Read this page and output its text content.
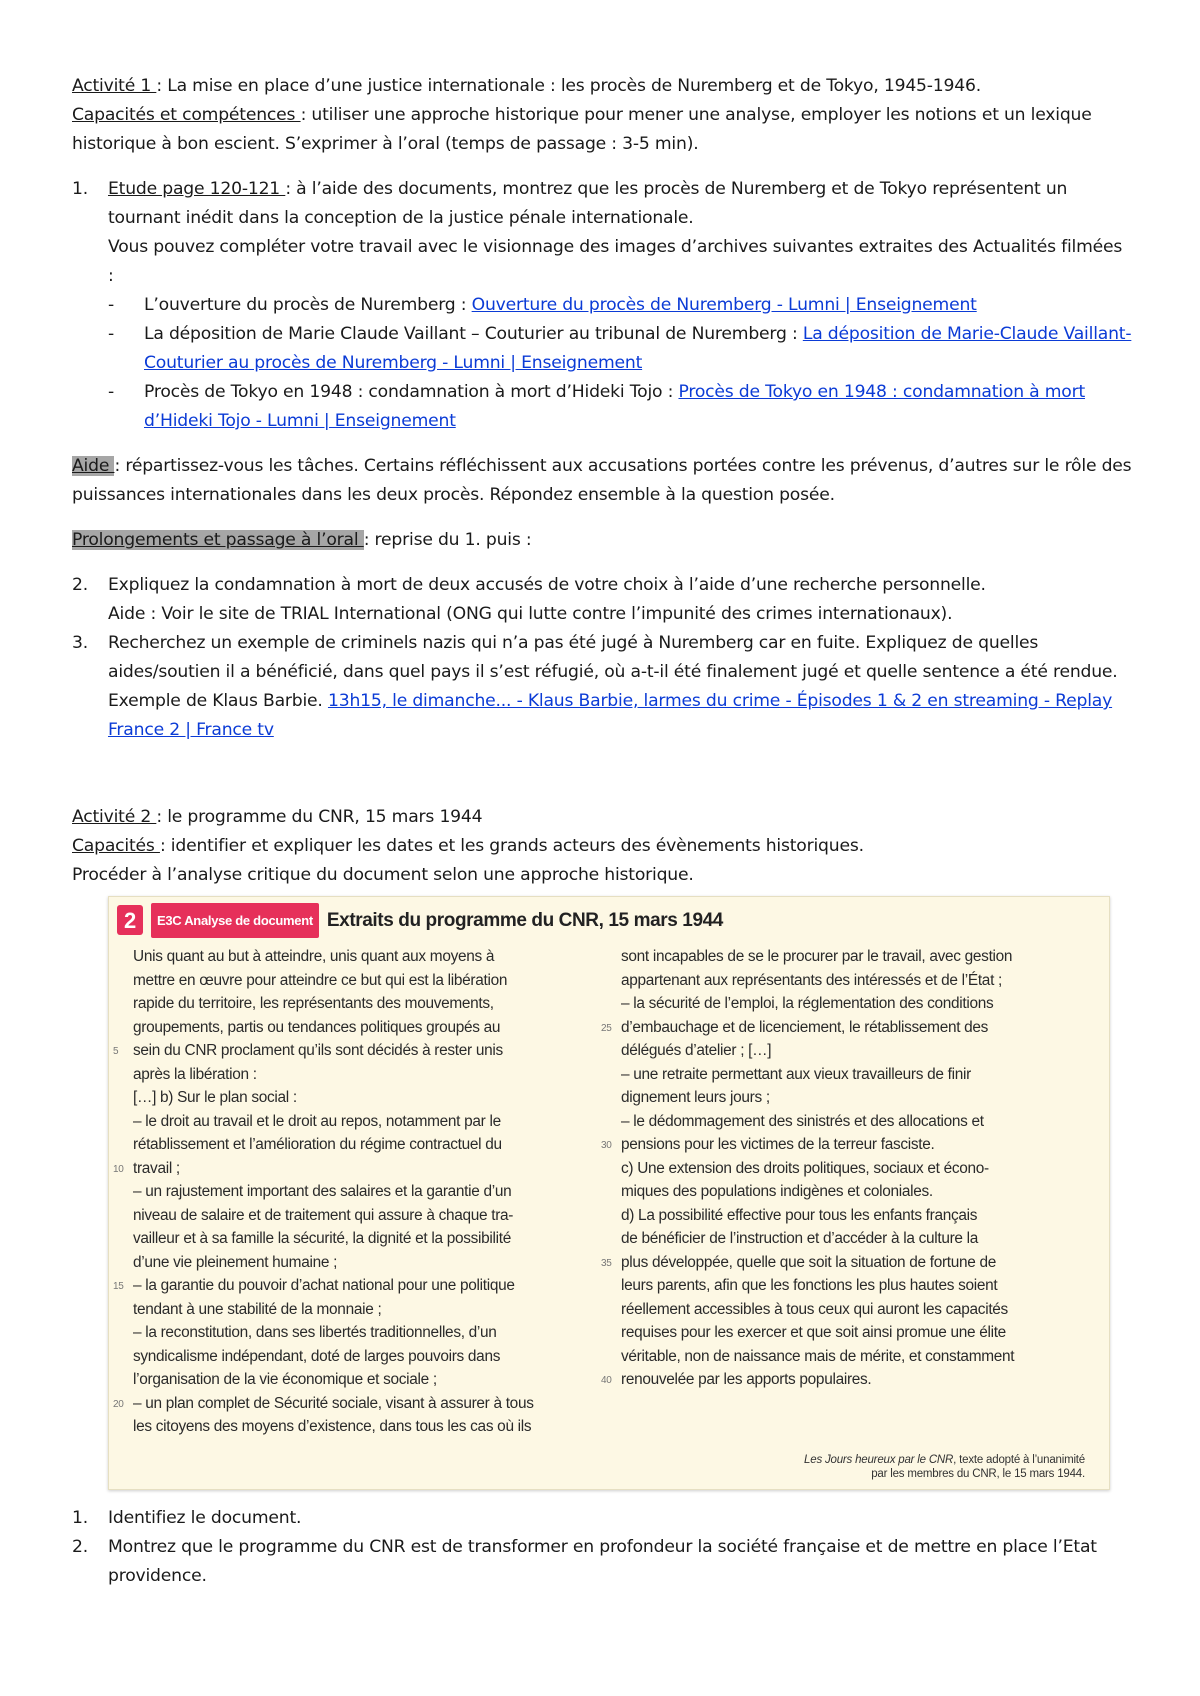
Activité 1 : La mise en place d’une justice internationale : les procès de Nuremberg et de Tokyo, 1945-1946.

Capacités et compétences : utiliser une approche historique pour mener une analyse, employer les notions et un lexique historique à bon escient. S’exprimer à l’oral (temps de passage : 3-5 min).

1. Etude page 120-121 : à l’aide des documents, montrez que les procès de Nuremberg et de Tokyo représentent un tournant inédit dans la conception de la justice pénale internationale.

Vous pouvez compléter votre travail avec le visionnage des images d’archives suivantes extraites des Actualités filmées :

- L’ouverture du procès de Nuremberg : Ouverture du procès de Nuremberg - Lumni | Enseignement
- La déposition de Marie Claude Vaillant – Couturier au tribunal de Nuremberg : La déposition de Marie-Claude Vaillant-Couturier au procès de Nuremberg - Lumni | Enseignement
- Procès de Tokyo en 1948 : condamnation à mort d’Hideki Tojo : Procès de Tokyo en 1948 : condamnation à mort d’Hideki Tojo - Lumni | Enseignement

Aide : répartissez-vous les tâches. Certains réfléchissent aux accusations portées contre les prévenus, d’autres sur le rôle des puissances internationales dans les deux procès. Répondez ensemble à la question posée.

Prolongements et passage à l’oral : reprise du 1. puis :

2. Expliquez la condamnation à mort de deux accusés de votre choix à l’aide d’une recherche personnelle.

Aide : Voir le site de TRIAL International (ONG qui lutte contre l’impunité des crimes internationaux).

3. Recherchez un exemple de criminels nazis qui n’a pas été jugé à Nuremberg car en fuite. Expliquez de quelles aides/soutien il a bénéficié, dans quel pays il s’est réfugié, où a-t-il été finalement jugé et quelle sentence a été rendue.

Exemple de Klaus Barbie. 13h15, le dimanche... - Klaus Barbie, larmes du crime - Épisodes 1 & 2 en streaming - Replay France 2 | France tv

Activité 2 : le programme du CNR, 15 mars 1944

Capacités : identifier et expliquer les dates et les grands acteurs des évènements historiques.

Procéder à l’analyse critique du document selon une approche historique.

2	E3C Analyse de document Extraits du programme du CNR, 15 mars 1944
Unis quant au but à atteindre, unis quant aux moyens à
mettre en œuvre pour atteindre ce but qui est la libération
rapide du territoire, les représentants des mouvements,
groupements, partis ou tendances politiques groupés au
5 sein du CNR proclament qu’ils sont décidés à rester unis
après la libération :
[…] b) Sur le plan social :
– le droit au travail et le droit au repos, notamment par le
rétablissement et l’amélioration du régime contractuel du
10 travail ;
– un rajustement important des salaires et la garantie d’un
niveau de salaire et de traitement qui assure à chaque tra-
vailleur et à sa famille la sécurité, la dignité et la possibilité
d’une vie pleinement humaine ;
15 – la garantie du pouvoir d’achat national pour une politique
tendant à une stabilité de la monnaie ;
– la reconstitution, dans ses libertés traditionnelles, d’un
syndicalisme indépendant, doté de larges pouvoirs dans
l’organisation de la vie économique et sociale ;
20 – un plan complet de Sécurité sociale, visant à assurer à tous
les citoyens des moyens d’existence, dans tous les cas où ils
sont incapables de se le procurer par le travail, avec gestion
appartenant aux représentants des intéressés et de l’État ;
– la sécurité de l’emploi, la réglementation des conditions
25 d’embauchage et de licenciement, le rétablissement des
délégués d’atelier ; […]
– une retraite permettant aux vieux travailleurs de finir
dignement leurs jours ;
– le dédommagement des sinistrés et des allocations et
30 pensions pour les victimes de la terreur fasciste.
c) Une extension des droits politiques, sociaux et écono-
miques des populations indigènes et coloniales.
d) La possibilité effective pour tous les enfants français
de bénéficier de l’instruction et d’accéder à la culture la
35 plus développée, quelle que soit la situation de fortune de
leurs parents, afin que les fonctions les plus hautes soient
réellement accessibles à tous ceux qui auront les capacités
requises pour les exercer et que soit ainsi promue une élite
véritable, non de naissance mais de mérite, et constamment
40 renouvelée par les apports populaires.
Les Jours heureux par le CNR, texte adopté à l’unanimité
par les membres du CNR, le 15 mars 1944.
1. Identifiez le document.
2. Montrez que le programme du CNR est de transformer en profondeur la société française et de mettre en place l’Etat providence.
